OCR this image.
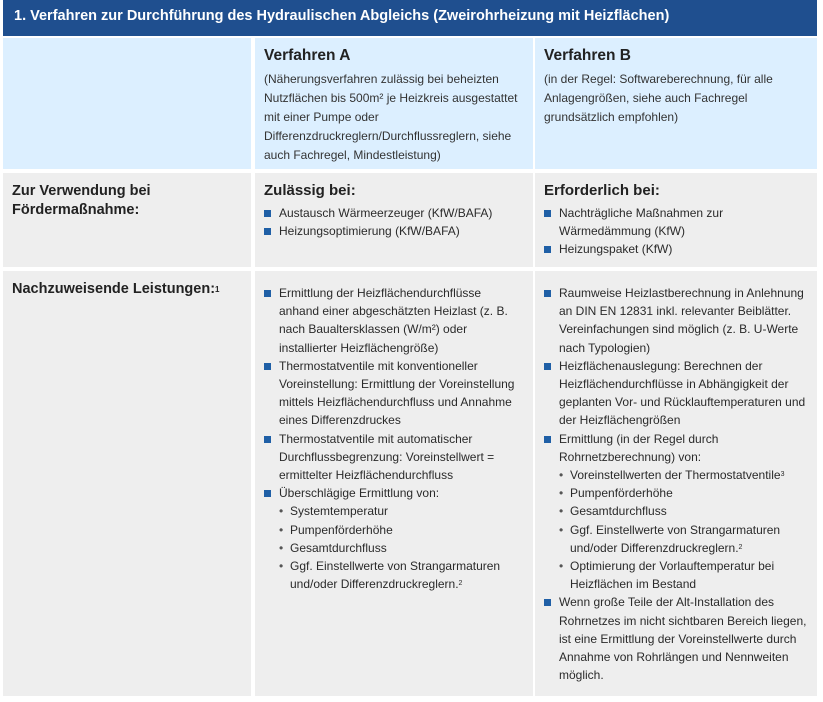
1. Verfahren zur Durchführung des Hydraulischen Abgleichs (Zweirohrheizung mit Heizflächen)
Verfahren A
(Näherungsverfahren zulässig bei beheizten Nutzflächen bis 500m² je Heizkreis ausgestattet mit einer Pumpe oder Differenzdruckreglern/Durchflussreglern, siehe auch Fachregel, Mindestleistung)
Verfahren B
(in der Regel: Softwareberechnung, für alle Anlagengrößen, siehe auch Fachregel grundsätzlich empfohlen)
Zur Verwendung bei Fördermaßnahme:
Zulässig bei:
Austausch Wärmeerzeuger (KfW/BAFA)
Heizungsoptimierung (KfW/BAFA)
Erforderlich bei:
Nachträgliche Maßnahmen zur Wärmedämmung (KfW)
Heizungspaket (KfW)
Nachzuweisende Leistungen:$^1$	Ermittlung der Heizflächendurchflüsse anhand einer abgeschätzten Heizlast (z. B. nach Baualtersklassen (W/m²) oder installierter Heizflächengröße)
Thermostatventile mit konventioneller Voreinstellung: Ermittlung der Voreinstellung mittels Heizflächendurchfluss und Annahme eines Differenzdruckes
Thermostatventile mit automatischer Durchflussbegrenzung: Voreinstellwert = ermittelter Heizflächendurchfluss
Überschlägige Ermittlung von:
• Systemtemperatur
• Pumpenförderhöhe
• Gesamtdurchfluss
• Ggf. Einstellwerte von Strangarmaturen und/oder Differenzdruckreglern.$^2$
Raumweise Heizlastberechnung in Anlehnung an DIN EN 12831 inkl. relevanter Beiblätter. Vereinfachungen sind möglich (z. B. U-Werte nach Typologien)
Heizflächenauslegung: Berechnen der Heizflächendurchflüsse in Abhängigkeit der geplanten Vor- und Rücklauftemperaturen und der Heizflächengrößen
Ermittlung (in der Regel durch Rohrnetzberechnung) von:
• Voreinstellwerten der Thermostatventile$^3$
• Pumpenförderhöhe
• Gesamtdurchfluss
• Ggf. Einstellwerte von Strangarmaturen und/oder Differenzdruckreglern.$^2$
• Optimierung der Vorlauftemperatur bei Heizflächen im Bestand
Wenn große Teile der Alt-Installation des Rohrnetzes im nicht sichtbaren Bereich liegen, ist eine Ermittlung der Voreinstellwerte durch Annahme von Rohrlängen und Nennweiten möglich.
